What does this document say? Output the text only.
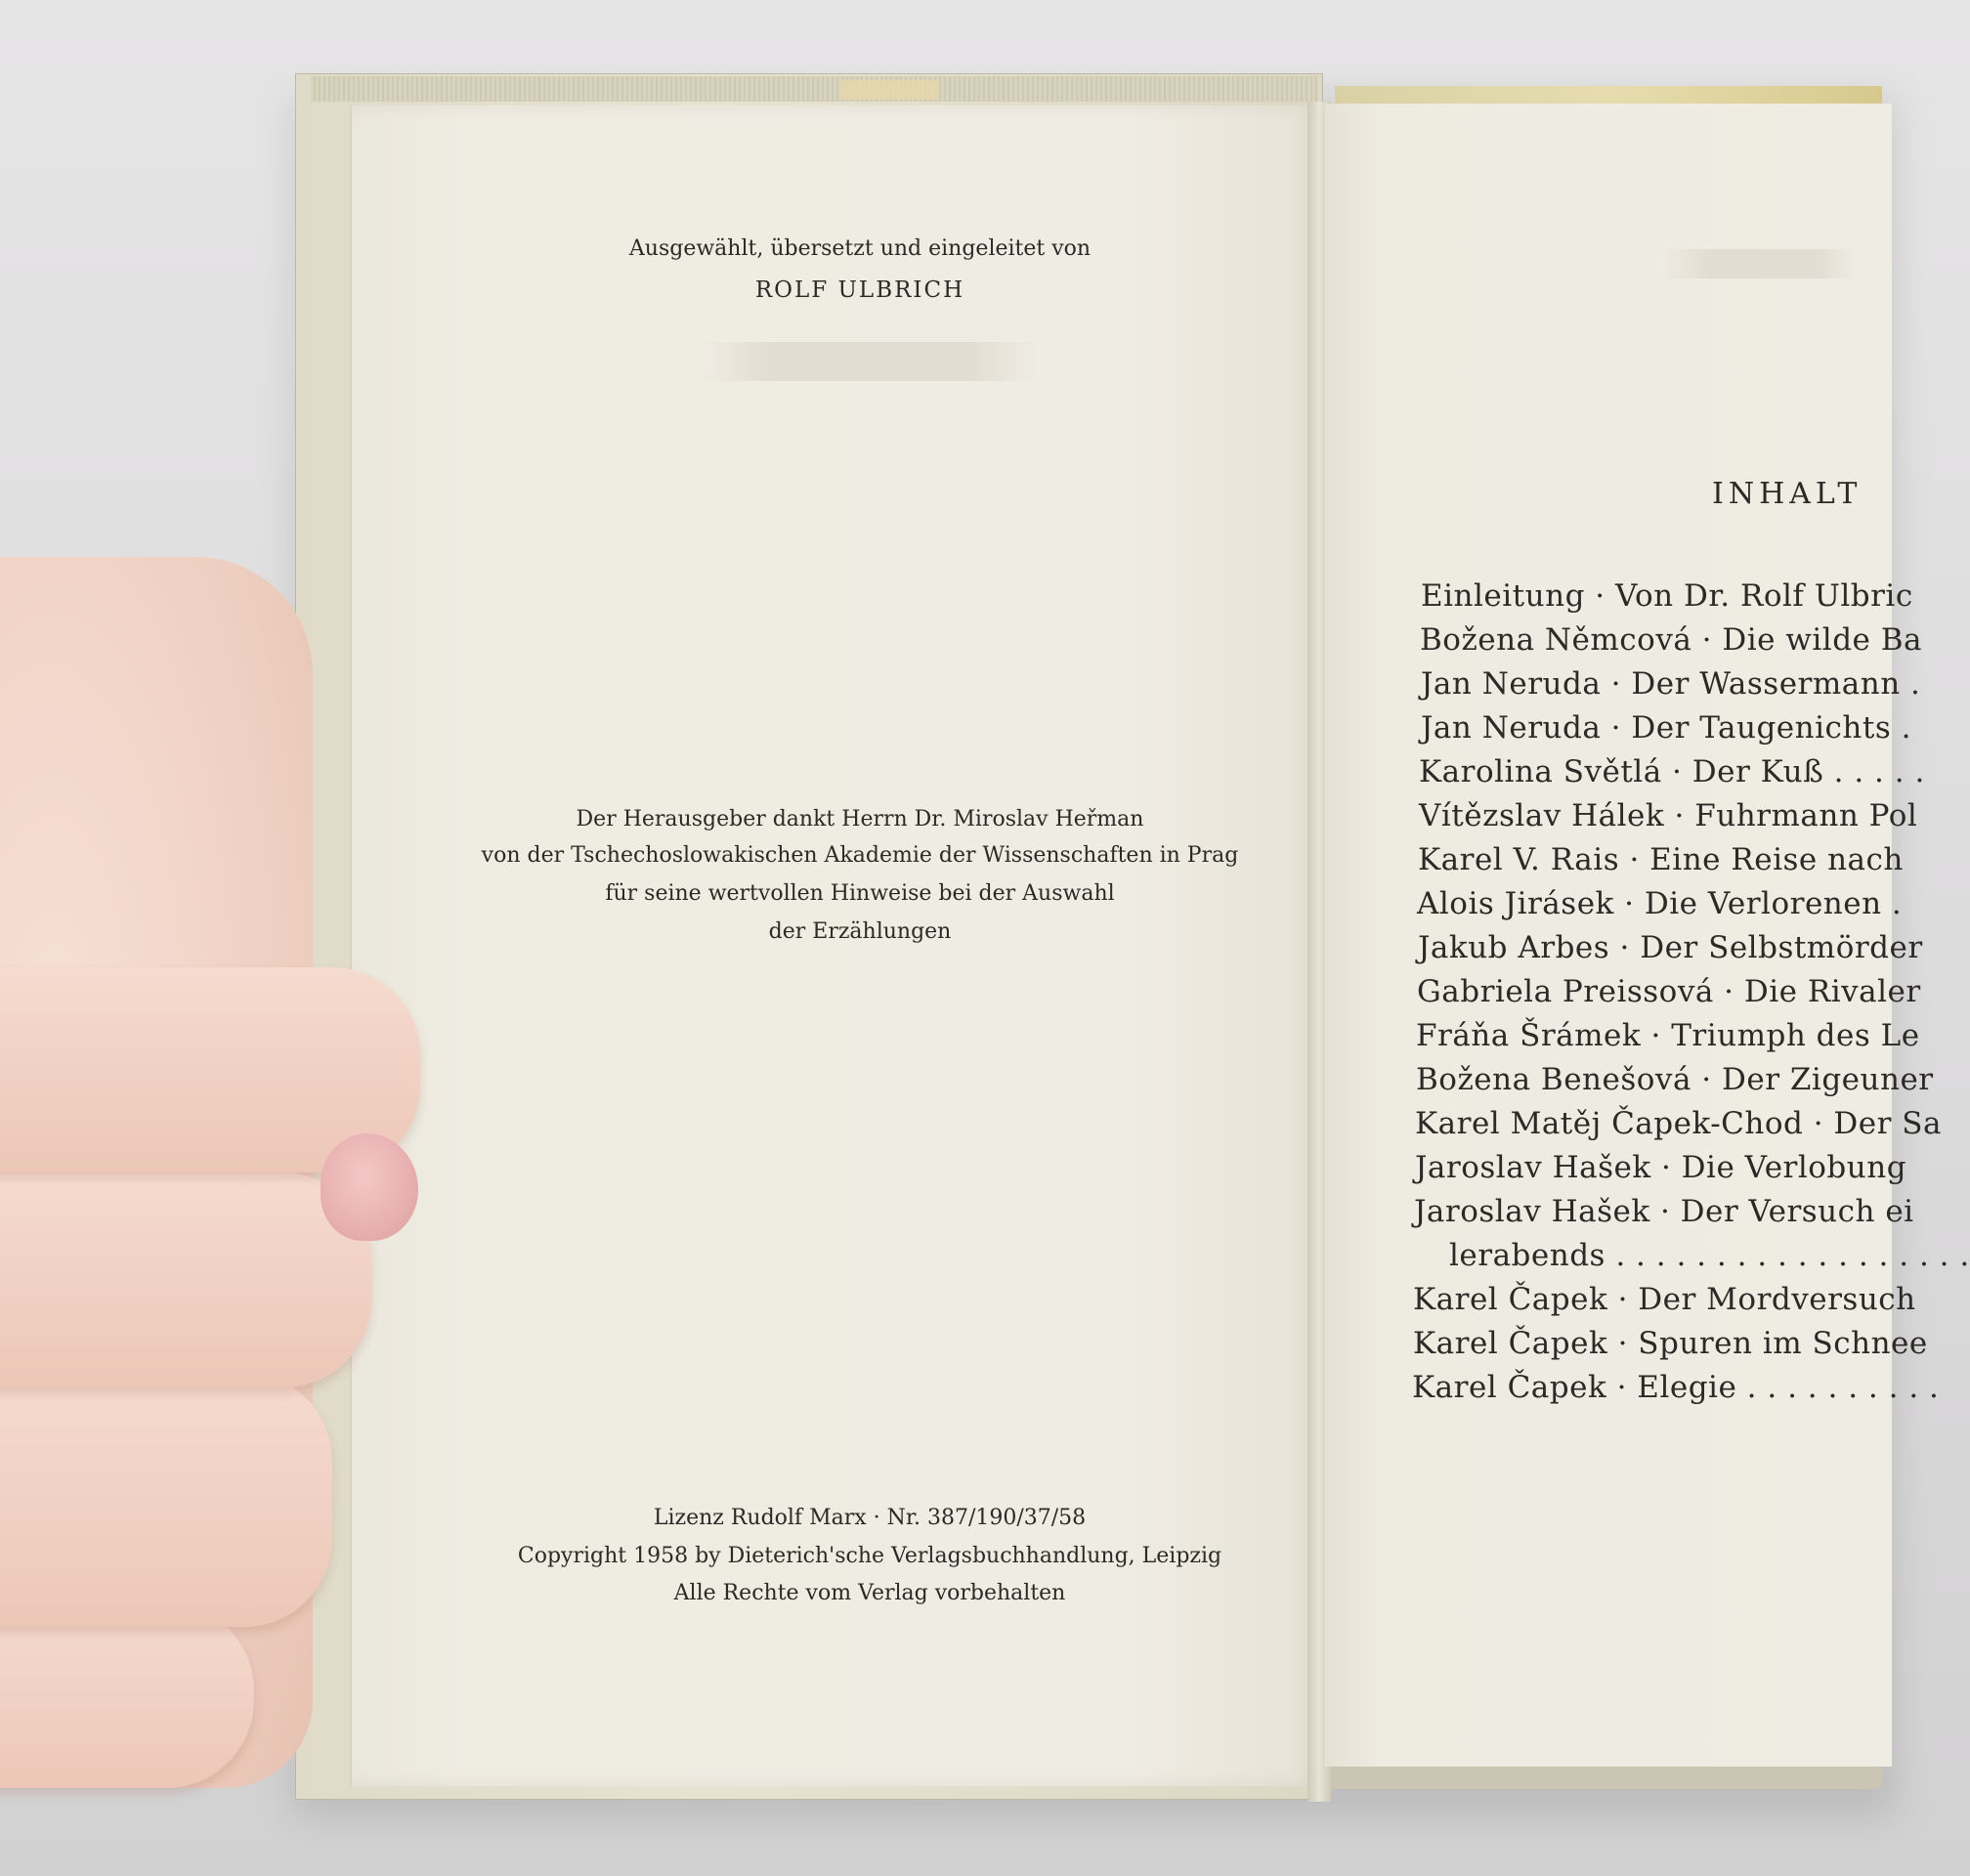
Ausgewählt, übersetzt und eingeleitet von
ROLF ULBRICH
Der Herausgeber dankt Herrn Dr. Miroslav Heřman
von der Tschechoslowakischen Akademie der Wissenschaften in Prag
für seine wertvollen Hinweise bei der Auswahl
der Erzählungen
Lizenz Rudolf Marx · Nr. 387/190/37/58
Copyright 1958 by Dieterich'sche Verlagsbuchhandlung, Leipzig
Alle Rechte vom Verlag vorbehalten
INHALT
Einleitung · Von Dr. Rolf Ulbric
Božena Němcová · Die wilde Ba
Jan Neruda · Der Wassermann .
Jan Neruda · Der Taugenichts .
Karolina Světlá · Der Kuß . . . . .
Vítězslav Hálek · Fuhrmann Pol
Karel V. Rais · Eine Reise nach
Alois Jirásek · Die Verlorenen .
Jakub Arbes · Der Selbstmörder
Gabriela Preissová · Die Rivaler
Fráňa Šrámek · Triumph des Le
Božena Benešová · Der Zigeuner
Karel Matěj Čapek-Chod · Der Sa
Jaroslav Hašek · Die Verlobung
Jaroslav Hašek · Der Versuch ei
lerabends . . . . . . . . . . . . . . . . . .
Karel Čapek · Der Mordversuch
Karel Čapek · Spuren im Schnee
Karel Čapek · Elegie . . . . . . . . . .
